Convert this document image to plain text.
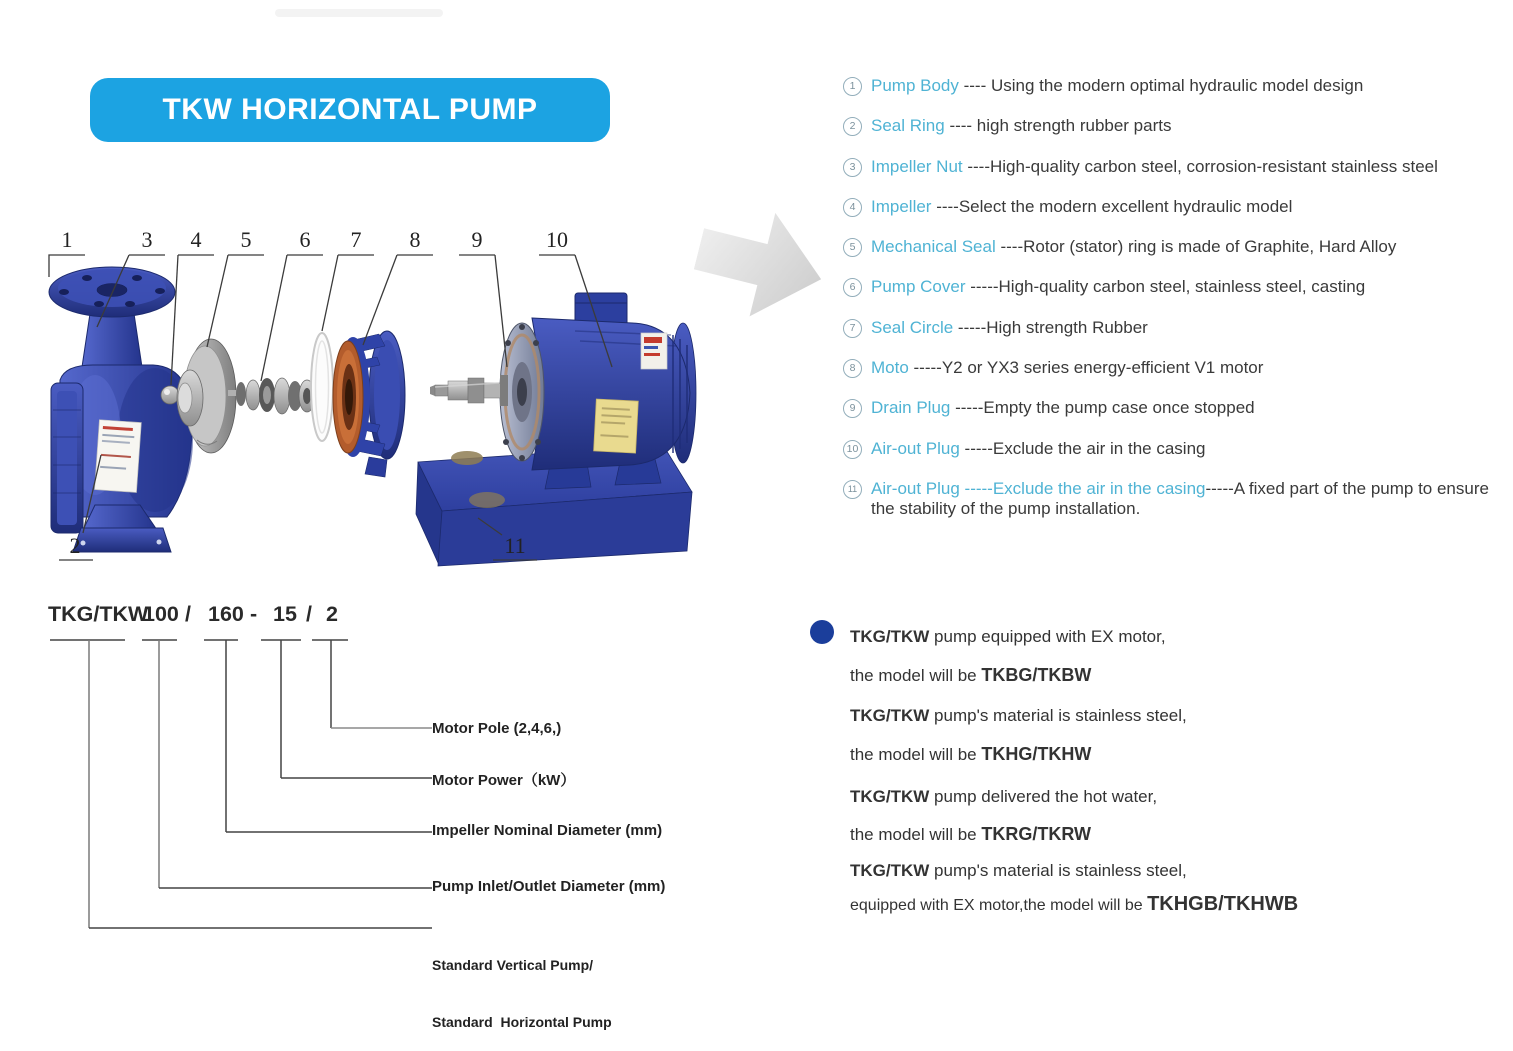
TKW HORIZONTAL PUMP
1	3 4 5 6 7 8 9	10
2	11
1 Pump Body ---- Using the modern optimal hydraulic model design
2 Seal Ring ---- high strength rubber parts
3 Impeller Nut ----High-quality carbon steel, corrosion-resistant stainless steel
4 Impeller ----Select the modern excellent hydraulic model
5 Mechanical Seal ----Rotor (stator) ring is made of Graphite, Hard Alloy
6 Pump Cover -----High-quality carbon steel, stainless steel, casting
7 Seal Circle -----High strength Rubber
8 Moto -----Y2 or YX3 series energy-efficient V1 motor
9 Drain Plug -----Empty the pump case once stopped
10 Air-out Plug -----Exclude the air in the casing
11 Air-out Plug -----Exclude the air in the casing-----A fixed part of the pump to ensure the stability of the pump installation.
TKG/TKW
100 / 160 - 15 / 2
Motor Pole (2,4,6,)
Motor Power（kW）
Impeller Nominal Diameter (mm)
Pump Inlet/Outlet Diameter (mm)

Standard Vertical Pump/

Standard  Horizontal Pump

TKG/TKW pump equipped with EX motor,
the model will be TKBG/TKBW
TKG/TKW pump's material is stainless steel,
the model will be TKHG/TKHW
TKG/TKW pump delivered the hot water,
the model will be TKRG/TKRW
TKG/TKW pump's material is stainless steel,
equipped with EX motor,the model will be TKHGB/TKHWB
